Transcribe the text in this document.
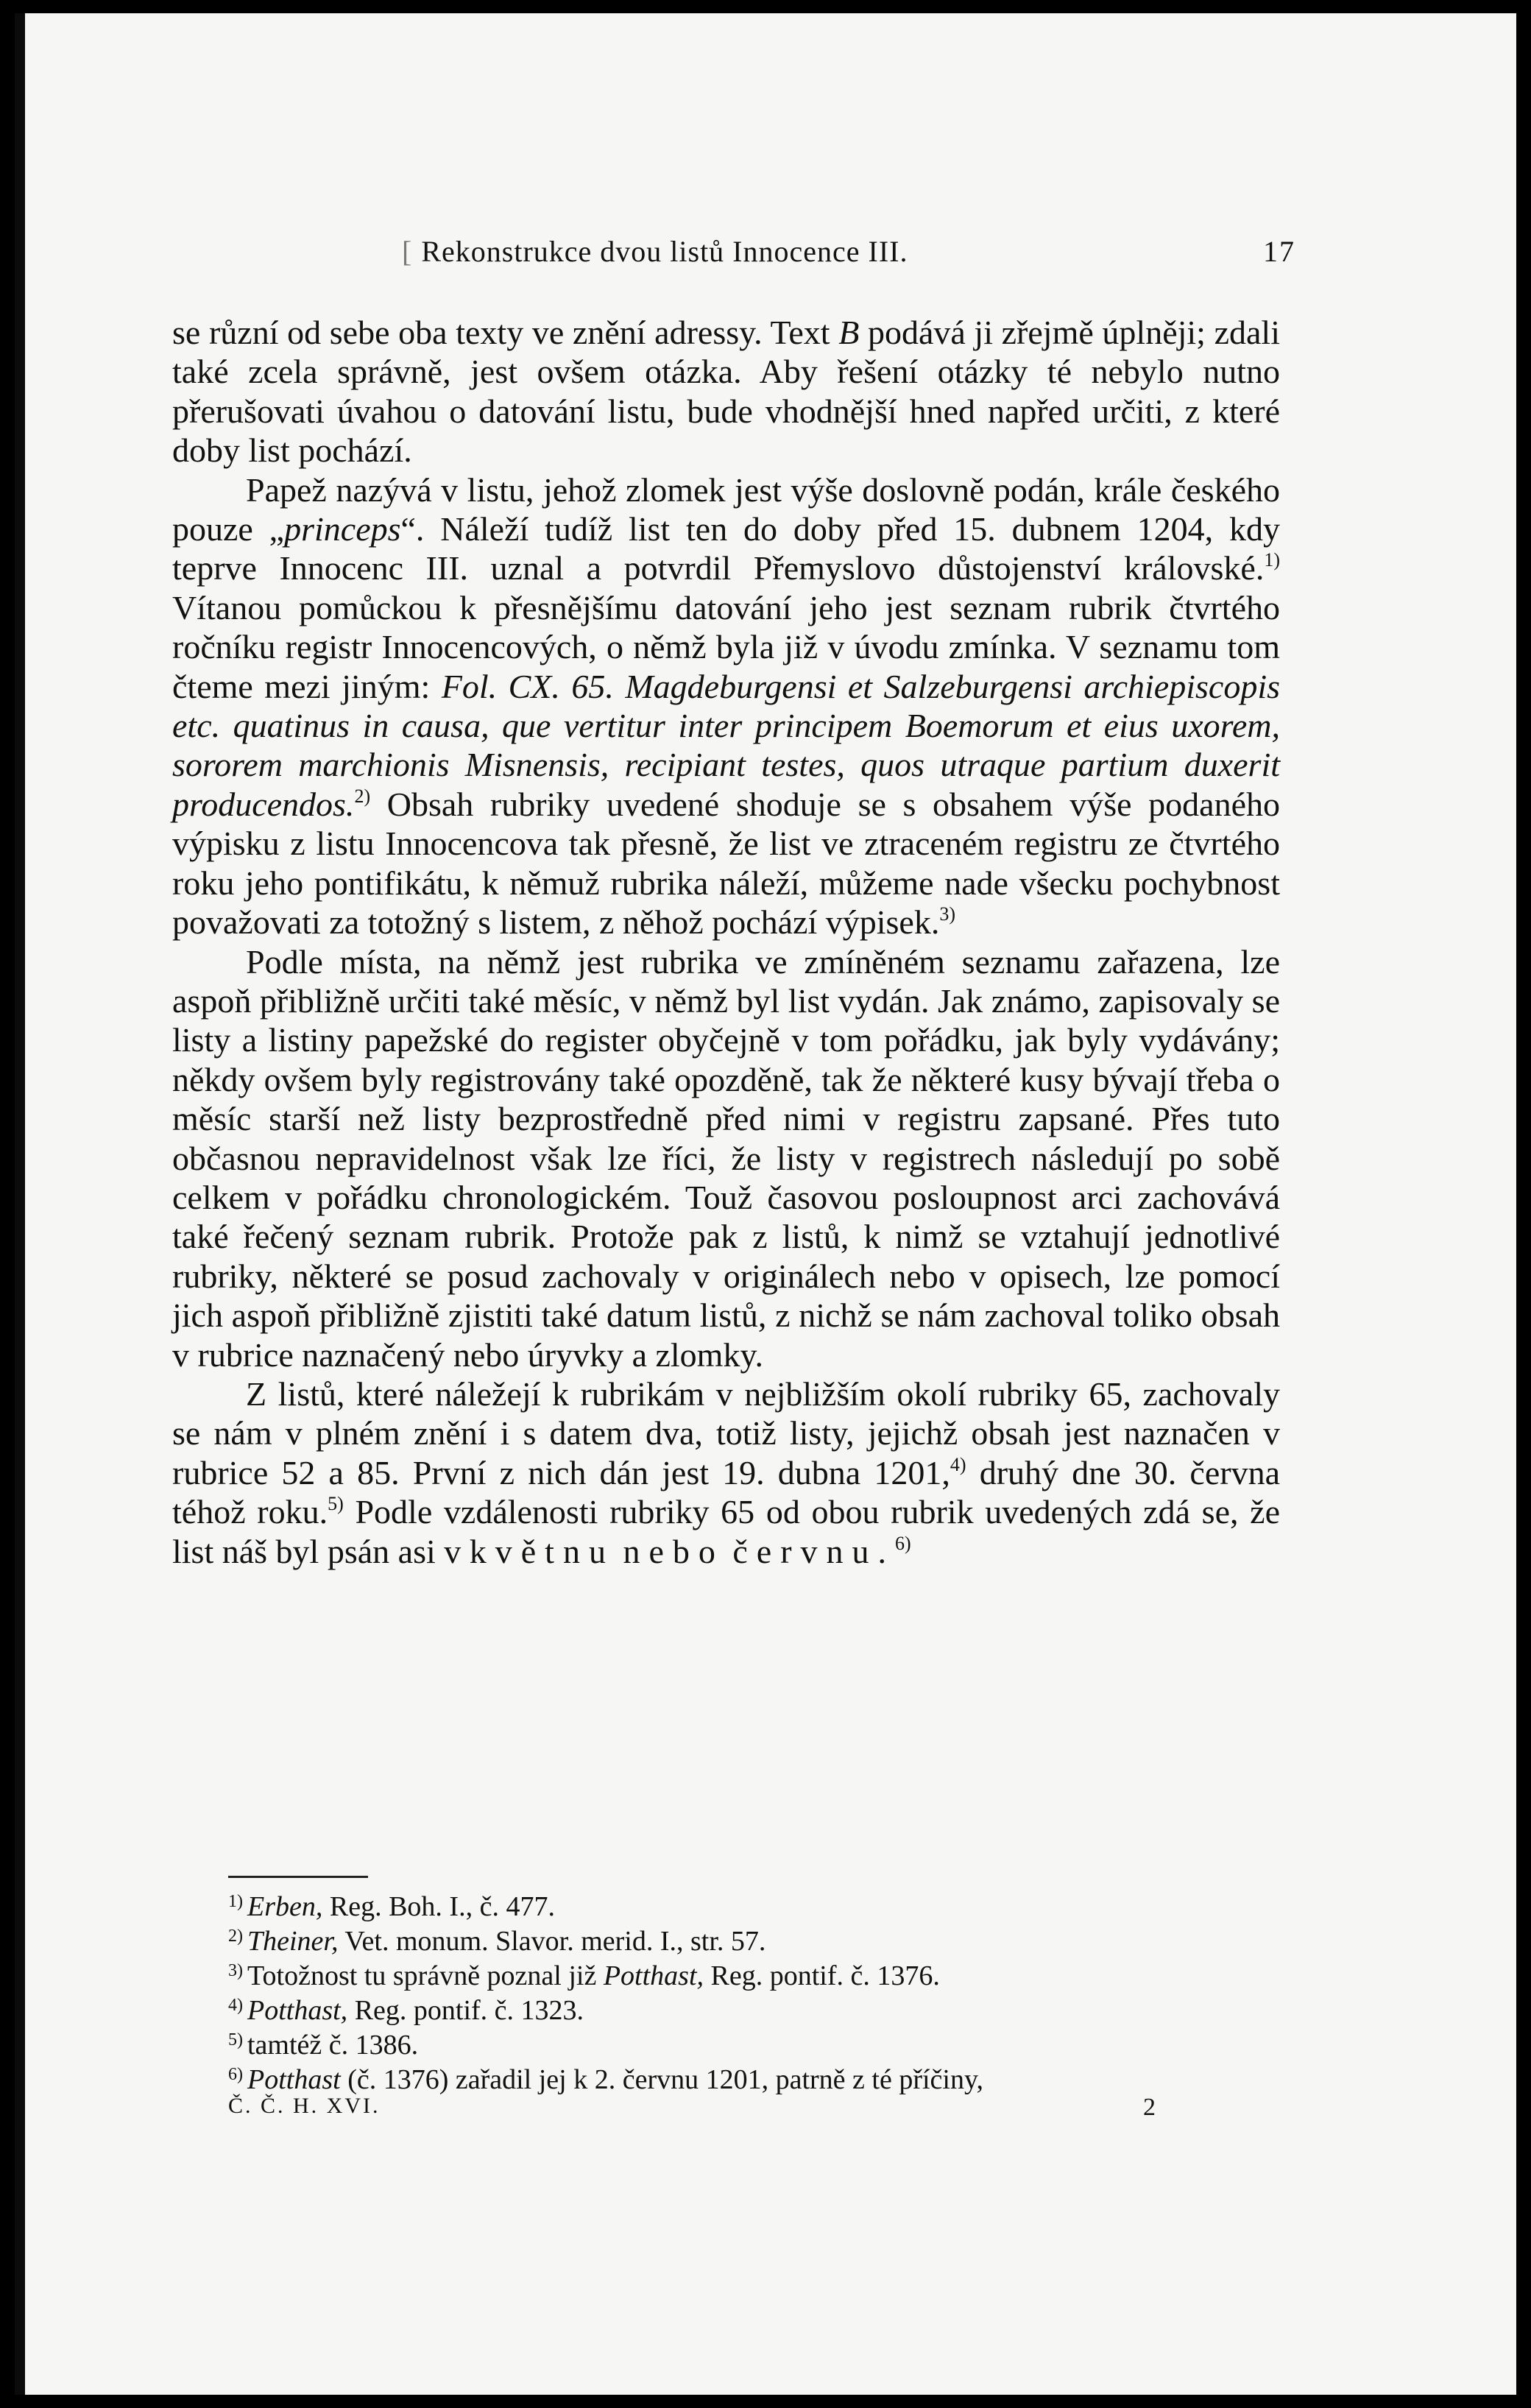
[ Rekonstrukce dvou listů Innocence III.	17

se různí od sebe oba texty ve znění adressy. Text B podává ji zřejmě úplněji; zdali také zcela správně, jest ovšem otázka. Aby řešení otázky té nebylo nutno přerušovati úvahou o datování listu, bude vhodnější hned napřed určiti, z které doby list pochází.

Papež nazývá v listu, jehož zlomek jest výše doslovně podán, krále českého pouze „princeps“. Náleží tudíž list ten do doby před 15. dubnem 1204, kdy teprve Innocenc III. uznal a potvrdil Přemyslovo důstojenství královské.$^{1)}$ Vítanou pomůckou k přesnějšímu datování jeho jest seznam rubrik čtvrtého ročníku registr Innocencových, o němž byla již v úvodu zmínka. V seznamu tom čteme mezi jiným: Fol. CX. 65. Magdeburgensi et Salzeburgensi archiepiscopis etc. quatinus in causa, que vertitur inter principem Boemorum et eius uxorem, sororem marchionis Misnensis, recipiant testes, quos utraque partium duxerit producendos.$^{2)}$ Obsah rubriky uvedené shoduje se s obsahem výše podaného výpisku z listu Innocencova tak přesně, že list ve ztraceném registru ze čtvrtého roku jeho pontifikátu, k němuž rubrika náleží, můžeme nade všecku pochybnost považovati za totožný s listem, z něhož pochází výpisek.$^{3)}$

Podle místa, na němž jest rubrika ve zmíněném seznamu zařazena, lze aspoň přibližně určiti také měsíc, v němž byl list vydán. Jak známo, zapisovaly se listy a listiny papežské do register obyčejně v tom pořádku, jak byly vydávány; někdy ovšem byly registrovány také opozděně, tak že některé kusy bývají třeba o měsíc starší než listy bezprostředně před nimi v registru zapsané. Přes tuto občasnou nepravidelnost však lze říci, že listy v registrech následují po sobě celkem v pořádku chronologickém. Touž časovou posloupnost arci zachovává také řečený seznam rubrik. Protože pak z listů, k nimž se vztahují jednotlivé rubriky, některé se posud zachovaly v originálech nebo v opisech, lze pomocí jich aspoň přibližně zjistiti také datum listů, z nichž se nám zachoval toliko obsah v rubrice naznačený nebo úryvky a zlomky.

Z listů, které náležejí k rubrikám v nejbližším okolí rubriky 65, zachovaly se nám v plném znění i s datem dva, totiž listy, jejichž obsah jest naznačen v rubrice 52 a 85. První z nich dán jest 19. dubna 1201,$^{4)}$ druhý dne 30. června téhož roku.$^{5)}$ Podle vzdálenosti rubriky 65 od obou rubrik uvedených zdá se, že list náš byl psán asi v květnu nebo červnu.$^{6)}$

$^{1)}$ Erben, Reg. Boh. I., č. 477.
$^{2)}$ Theiner, Vet. monum. Slavor. merid. I., str. 57.
$^{3)}$ Totožnost tu správně poznal již Potthast, Reg. pontif. č. 1376.
$^{4)}$ Potthast, Reg. pontif. č. 1323.
$^{5)}$ tamtéž č. 1386.
$^{6)}$ Potthast (č. 1376) zařadil jej k 2. červnu 1201, patrně z té příčiny,
Č. Č. H. XVI.	2
